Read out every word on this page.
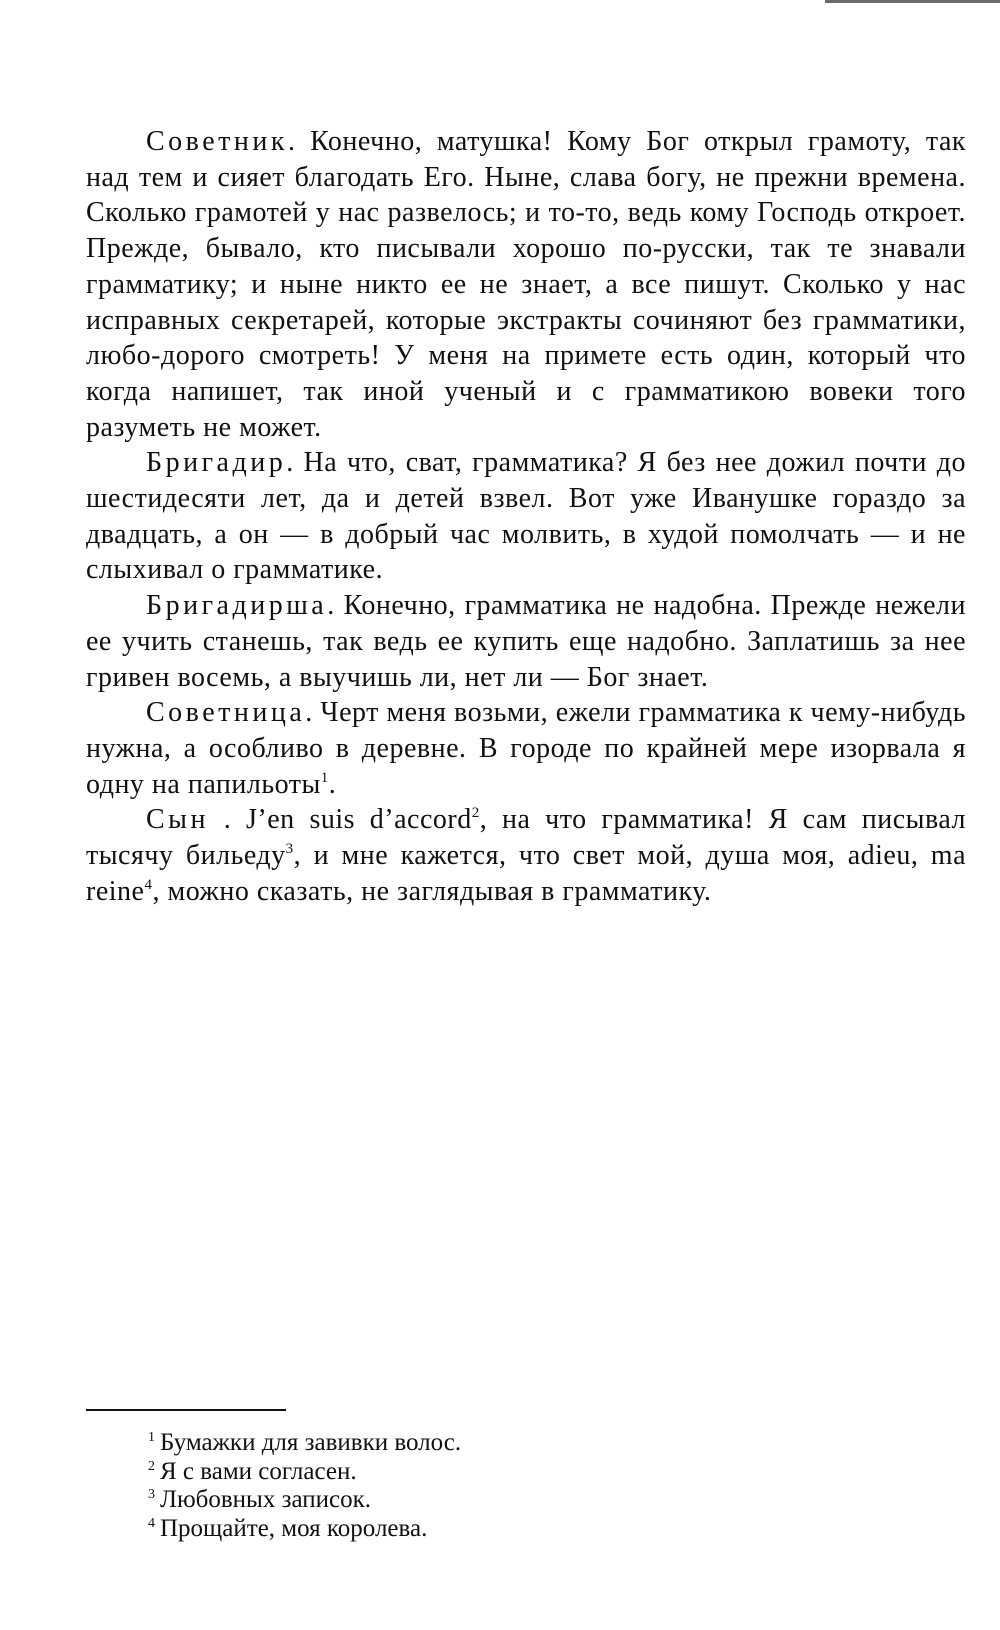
Советник. Конечно, матушка! Кому Бог открыл грамоту, так над тем и сияет благодать Его. Ныне, слава богу, не прежни времена. Сколько грамотей у нас развелось; и то-то, ведь кому Господь откроет. Прежде, бывало, кто писывали хорошо по-русски, так те знавали грамматику; и ныне никто ее не знает, а все пишут. Сколько у нас исправных секретарей, которые экстракты сочиняют без грамматики, любо-дорого смотреть! У меня на примете есть один, который что когда напишет, так иной ученый и с грамматикою вовеки того разуметь не может.

Бригадир. На что, сват, грамматика? Я без нее дожил почти до шестидесяти лет, да и детей взвел. Вот уже Иванушке гораздо за двадцать, а он — в добрый час молвить, в худой помолчать — и не слыхивал о грамматике.

Бригадирша. Конечно, грамматика не надобна. Прежде нежели ее учить станешь, так ведь ее купить еще надобно. Заплатишь за нее гривен восемь, а выучишь ли, нет ли — Бог знает.

Советница. Черт меня возьми, ежели грамматика к чему-нибудь нужна, а особливо в деревне. В городе по крайней мере изорвала я одну на папильоты$^1$.

Сын . J’en suis d’accord$^2$, на что грамматика! Я сам писывал тысячу бильеду$^3$, и мне кажется, что свет мой, душа моя, adieu, ma reine$^4$, можно сказать, не заглядывая в грамматику.

$^1$ Бумажки для завивки волос.

$^2$ Я с вами согласен.

$^3$ Любовных записок.

$^4$ Прощайте, моя королева.
